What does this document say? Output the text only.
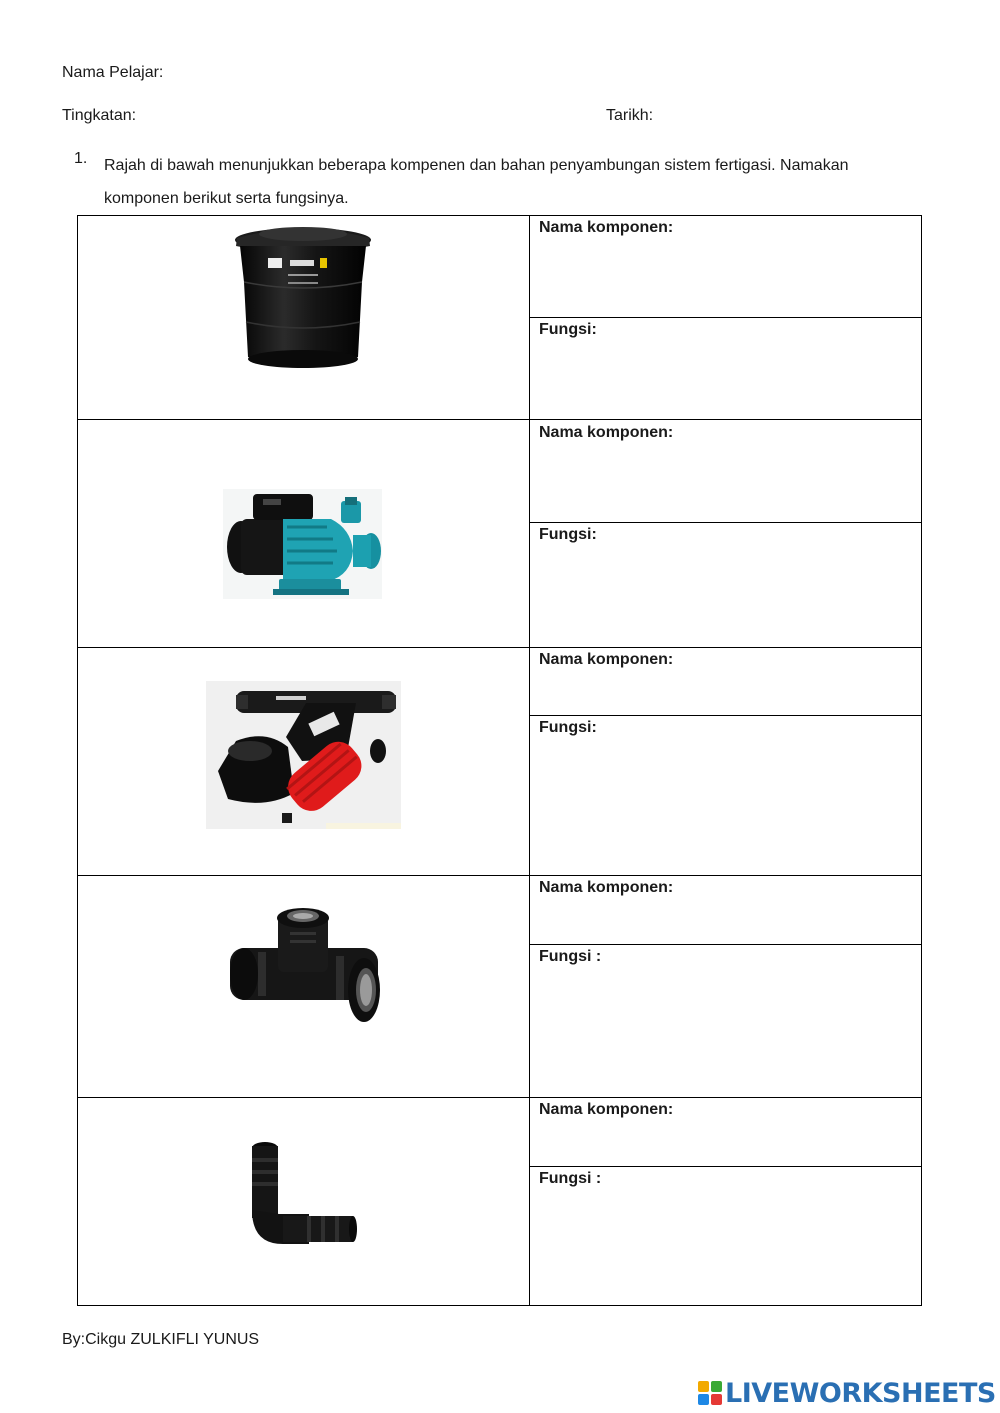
Nama Pelajar:
Tingkatan:	Tarikh:
1. Rajah di bawah menunjukkan beberapa kompenen dan bahan penyambungan sistem fertigasi. Namakan komponen berikut serta fungsinya.
Nama komponen:
Fungsi:
Nama komponen:
Fungsi:
Nama komponen:
Fungsi:
Nama komponen:
Fungsi :
Nama komponen:
Fungsi :
By:Cikgu ZULKIFLI YUNUS
LIVEWORKSHEETS
